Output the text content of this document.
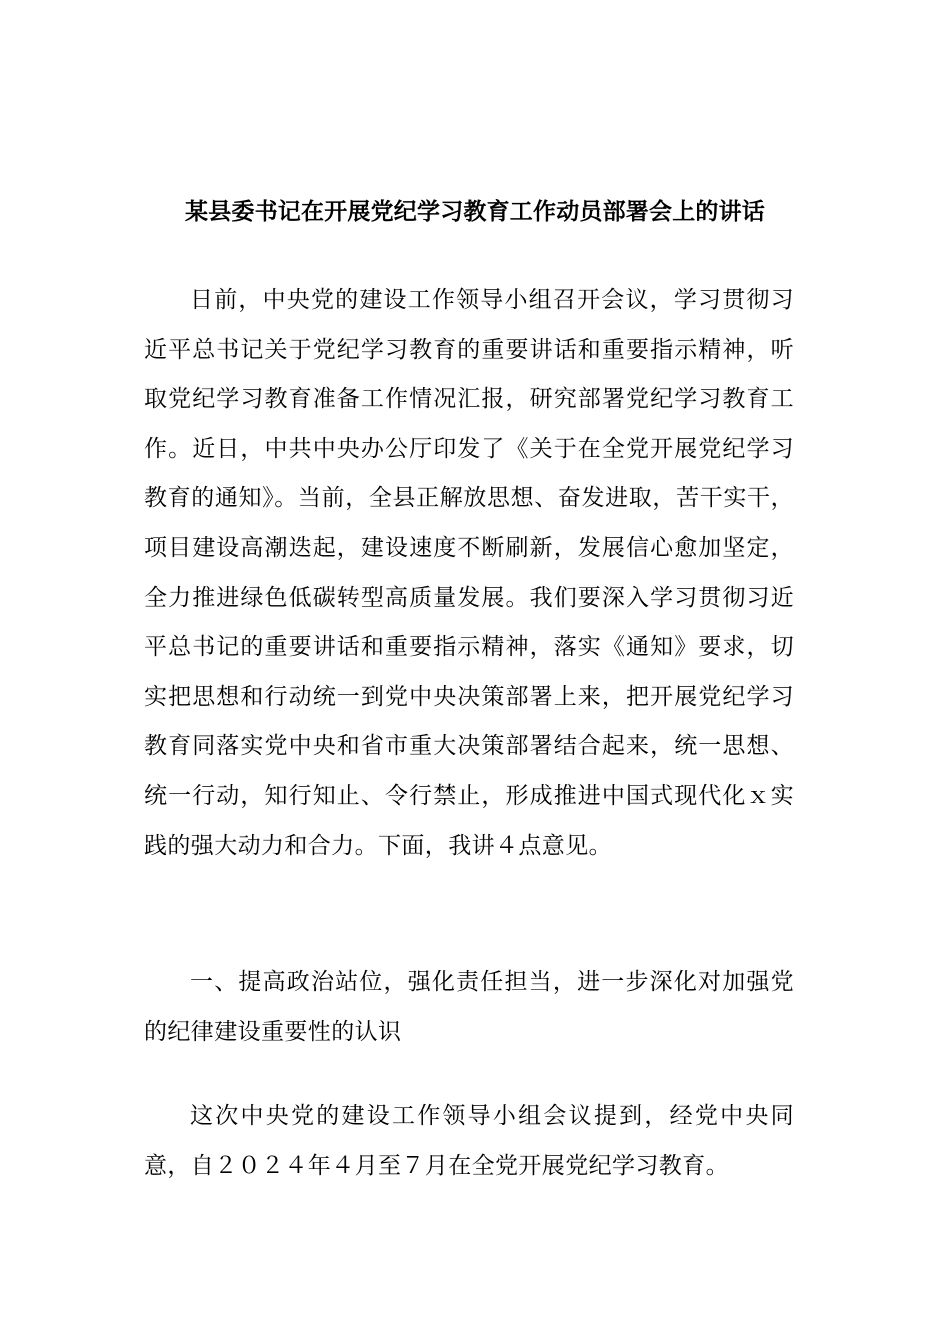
某县委书记在开展党纪学习教育工作动员部署会上的讲话

日前，中央党的建设工作领导小组召开会议，学习贯彻习近平总书记关于党纪学习教育的重要讲话和重要指示精神，听取党纪学习教育准备工作情况汇报，研究部署党纪学习教育工作。近日，中共中央办公厅印发了《关于在全党开展党纪学习教育的通知》。当前，全县正解放思想、奋发进取，苦干实干，项目建设高潮迭起，建设速度不断刷新，发展信心愈加坚定，全力推进绿色低碳转型高质量发展。我们要深入学习贯彻习近平总书记的重要讲话和重要指示精神，落实《通知》要求，切实把思想和行动统一到党中央决策部署上来，把开展党纪学习教育同落实党中央和省市重大决策部署结合起来，统一思想、统一行动，知行知止、令行禁止，形成推进中国式现代化ｘ实践的强大动力和合力。下面，我讲４点意见。

一、提高政治站位，强化责任担当，进一步深化对加强党的纪律建设重要性的认识

这次中央党的建设工作领导小组会议提到，经党中央同意，自２０２４年４月至７月在全党开展党纪学习教育。
